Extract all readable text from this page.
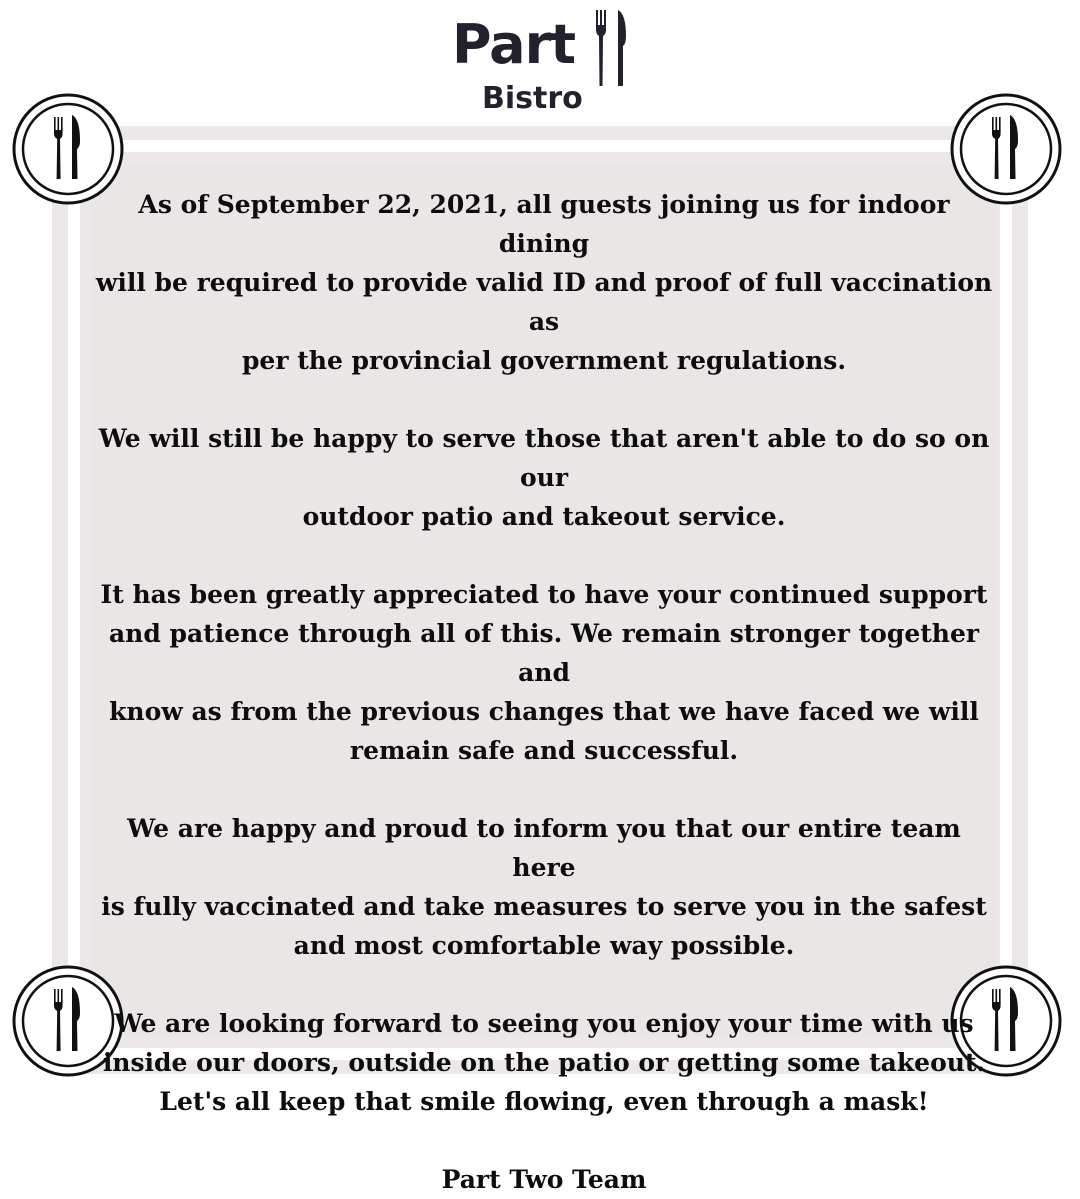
Part
Bistro

As of September 22, 2021, all guests joining us for indoor dining
will be required to provide valid ID and proof of full vaccination as
per the provincial government regulations.

We will still be happy to serve those that aren't able to do so on our
outdoor patio and takeout service.

It has been greatly appreciated to have your continued support
and patience through all of this. We remain stronger together and
know as from the previous changes that we have faced we will
remain safe and successful.

We are happy and proud to inform you that our entire team here
is fully vaccinated and take measures to serve you in the safest
and most comfortable way possible.

We are looking forward to seeing you enjoy your time with us
inside our doors, outside on the patio or getting some takeout.
Let's all keep that smile flowing, even through a mask!

Part Two Team
